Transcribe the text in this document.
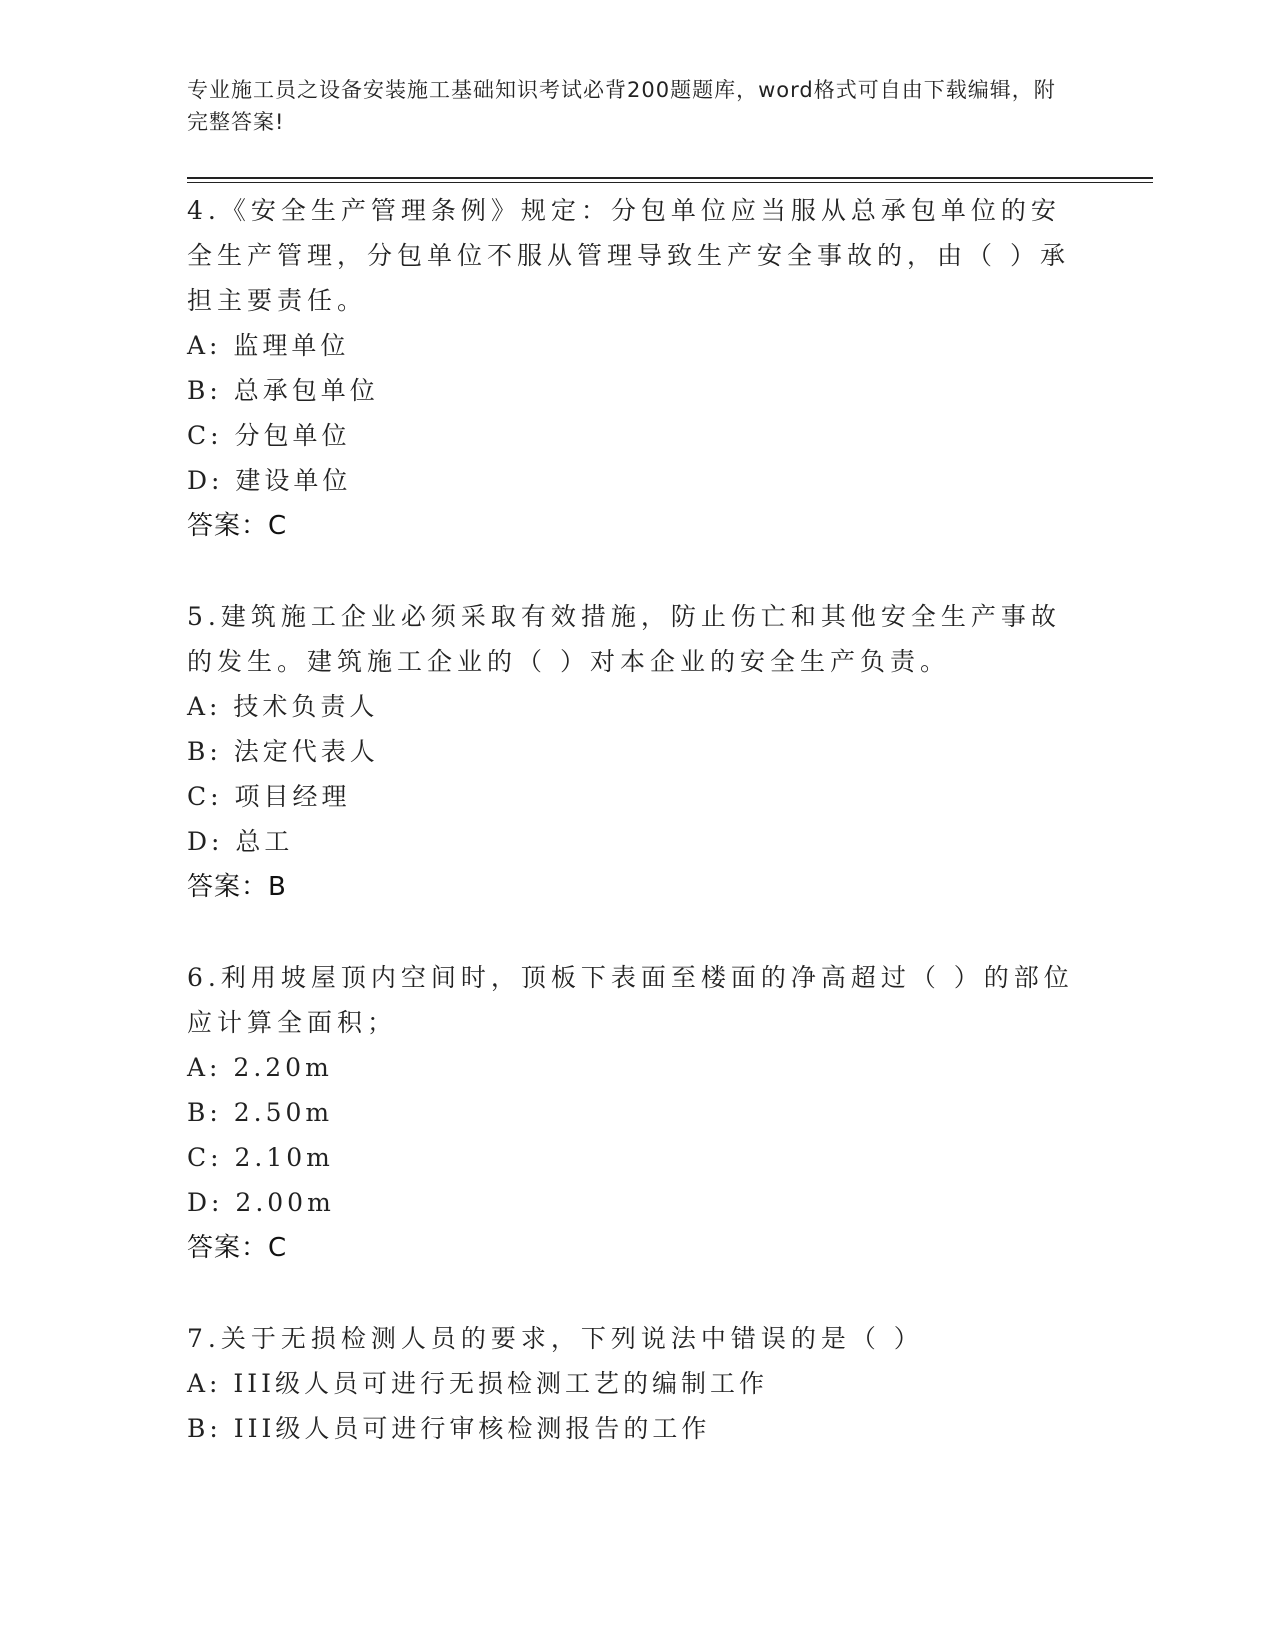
专业施工员之设备安装施工基础知识考试必背200题题库，word格式可自由下载编辑，附完整答案!
4.《安全生产管理条例》规定：分包单位应当服从总承包单位的安全生产管理，分包单位不服从管理导致生产安全事故的，由（ ）承担主要责任。
A: 监理单位
B: 总承包单位
C: 分包单位
D: 建设单位
答案：C
5.建筑施工企业必须采取有效措施，防止伤亡和其他安全生产事故的发生。建筑施工企业的（ ）对本企业的安全生产负责。
A: 技术负责人
B: 法定代表人
C: 项目经理
D: 总工
答案：B
6.利用坡屋顶内空间时，顶板下表面至楼面的净高超过（ ）的部位应计算全面积；
A: 2.20m
B: 2.50m
C: 2.10m
D: 2.00m
答案：C
7.关于无损检测人员的要求，下列说法中错误的是（ ）
A: III级人员可进行无损检测工艺的编制工作
B: III级人员可进行审核检测报告的工作
